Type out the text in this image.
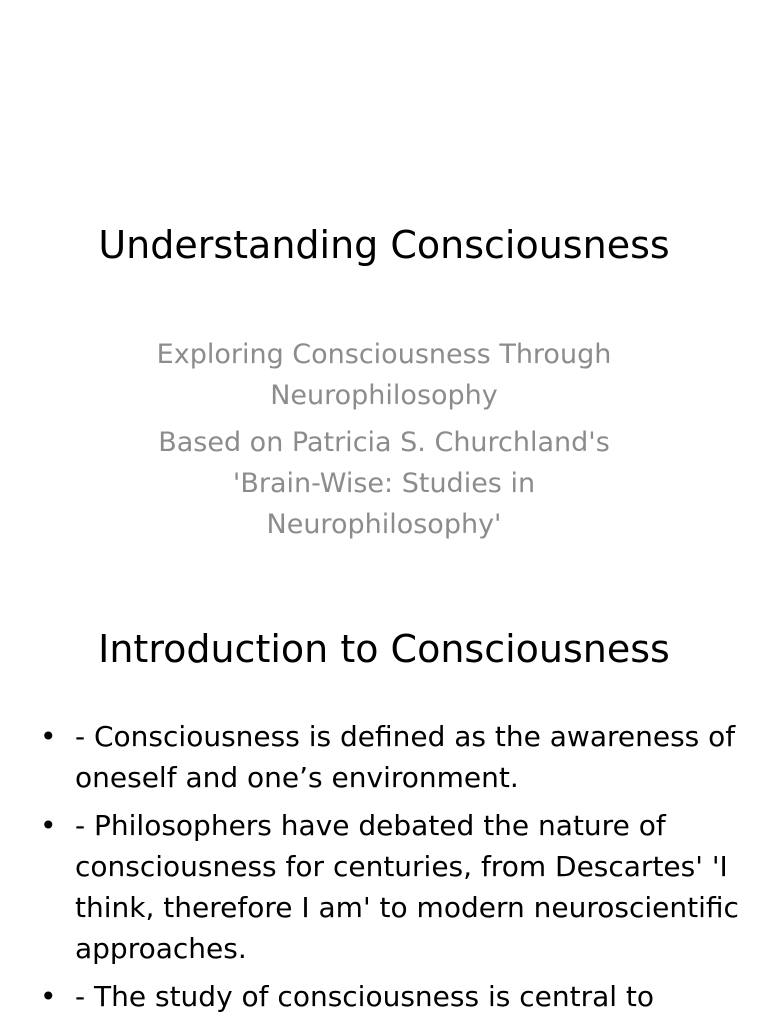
Understanding Consciousness

Exploring Consciousness Through Neurophilosophy

Based on Patricia S. Churchland's 'Brain-Wise: Studies in Neurophilosophy'

Introduction to Consciousness
• - Consciousness is defined as the awareness of oneself and one’s environment.
• - Philosophers have debated the nature of consciousness for centuries, from Descartes' 'I think, therefore I am' to modern neuroscientific approaches.
• - The study of consciousness is central to
